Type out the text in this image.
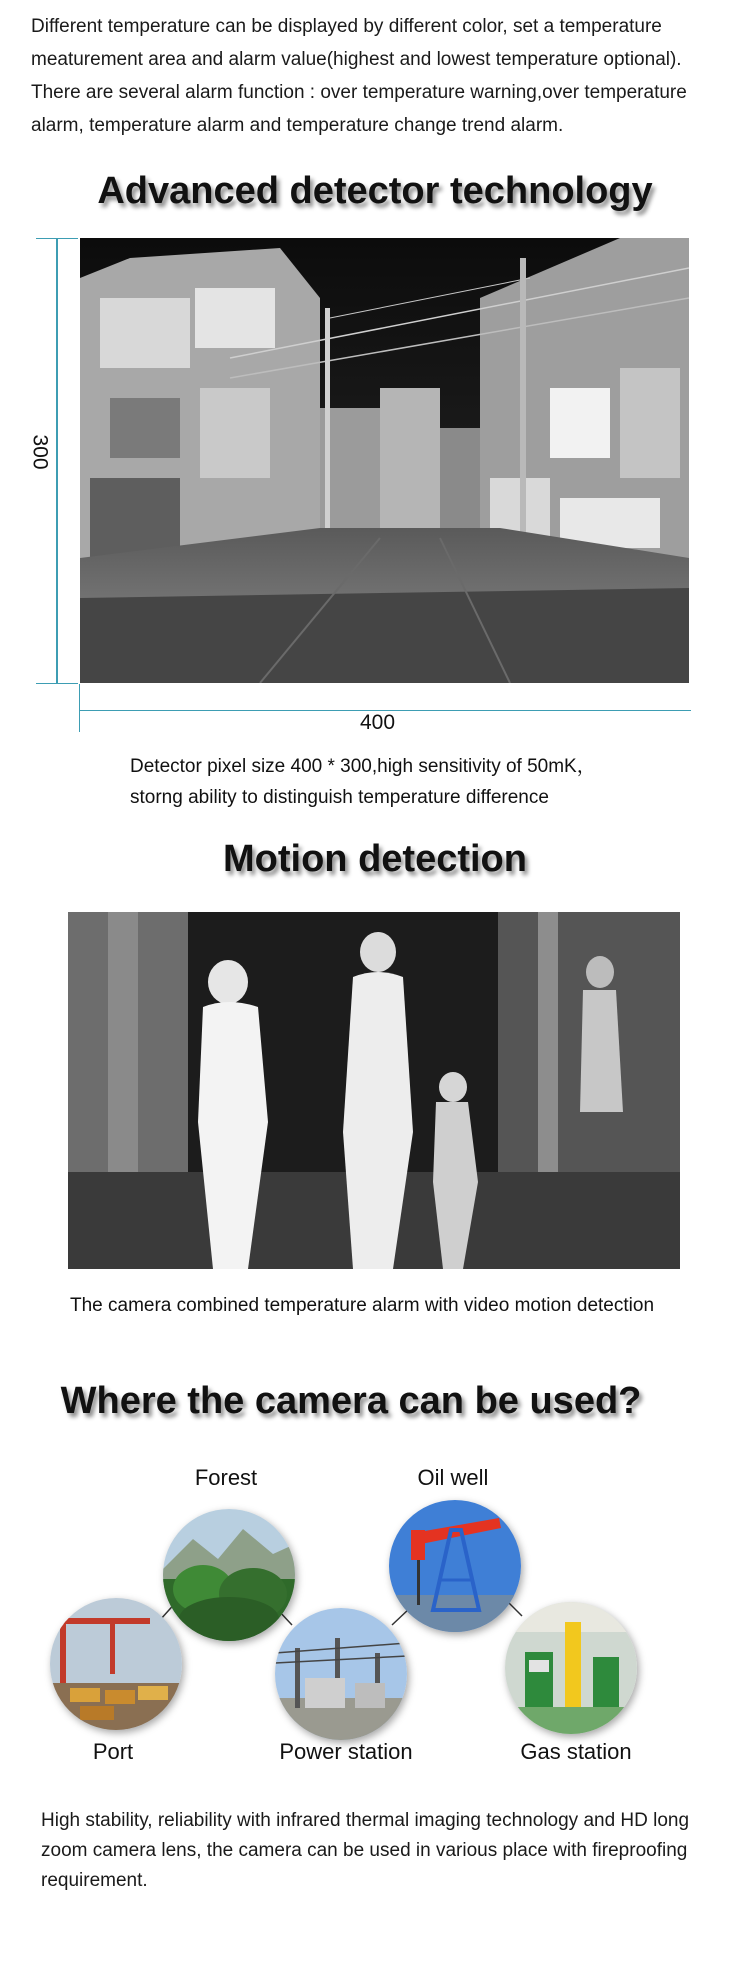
Different temperature can be displayed by different color, set a temperature meaturement area and alarm value(highest and lowest temperature optional). There are several alarm function : over temperature warning,over temperature alarm, temperature alarm and temperature change trend alarm.
Advanced detector technology
300
400
Detector pixel size 400 * 300,high sensitivity of 50mK，
storng ability to distinguish temperature difference
Motion detection
The camera combined temperature alarm with video motion detection
Where the camera can be used?
Forest	Oil well
Port	Power station	Gas station
High stability, reliability with infrared thermal imaging technology and HD long zoom camera lens, the camera can be used in various place with fireproofing requirement.
